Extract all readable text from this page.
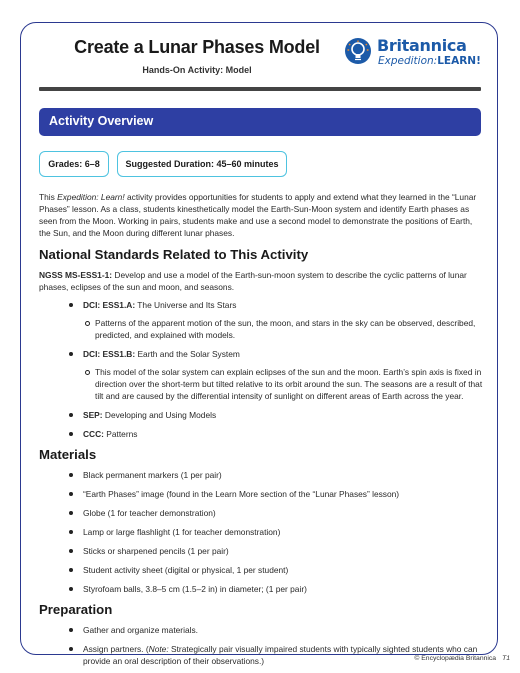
Create a Lunar Phases Model
Hands-On Activity: Model
Britannica
Expedition:LEARN!
Activity Overview
Grades: 6–8	Suggested Duration: 45–60 minutes

This Expedition: Learn! activity provides opportunities for students to apply and extend what they learned in the “Lunar Phases” lesson. As a class, students kinesthetically model the Earth-Sun-Moon system and identify Earth phases as seen from the Moon. Working in pairs, students make and use a second model to demonstrate the positions of Earth, the Sun, and the Moon during different lunar phases.

National Standards Related to This Activity

NGSS MS-ESS1-1: Develop and use a model of the Earth-sun-moon system to describe the cyclic patterns of lunar phases, eclipses of the sun and moon, and seasons.

DCI: ESS1.A: The Universe and Its Stars
Patterns of the apparent motion of the sun, the moon, and stars in the sky can be observed, described, predicted, and explained with models.
DCI: ESS1.B: Earth and the Solar System
This model of the solar system can explain eclipses of the sun and the moon. Earth’s spin axis is fixed in direction over the short-term but tilted relative to its orbit around the sun. The seasons are a result of that tilt and are caused by the differential intensity of sunlight on different areas of Earth across the year.
SEP: Developing and Using Models
CCC: Patterns
Materials
Black permanent markers (1 per pair)
“Earth Phases” image (found in the Learn More section of the “Lunar Phases” lesson)
Globe (1 for teacher demonstration)
Lamp or large flashlight (1 for teacher demonstration)
Sticks or sharpened pencils (1 per pair)
Student activity sheet (digital or physical, 1 per student)
Styrofoam balls, 3.8–5 cm (1.5–2 in) in diameter; (1 per pair)
Preparation
Gather and organize materials.
Assign partners. (Note: Strategically pair visually impaired students with typically sighted students who can provide an oral description of their observations.)	© Encyclopædia Britannica T1
